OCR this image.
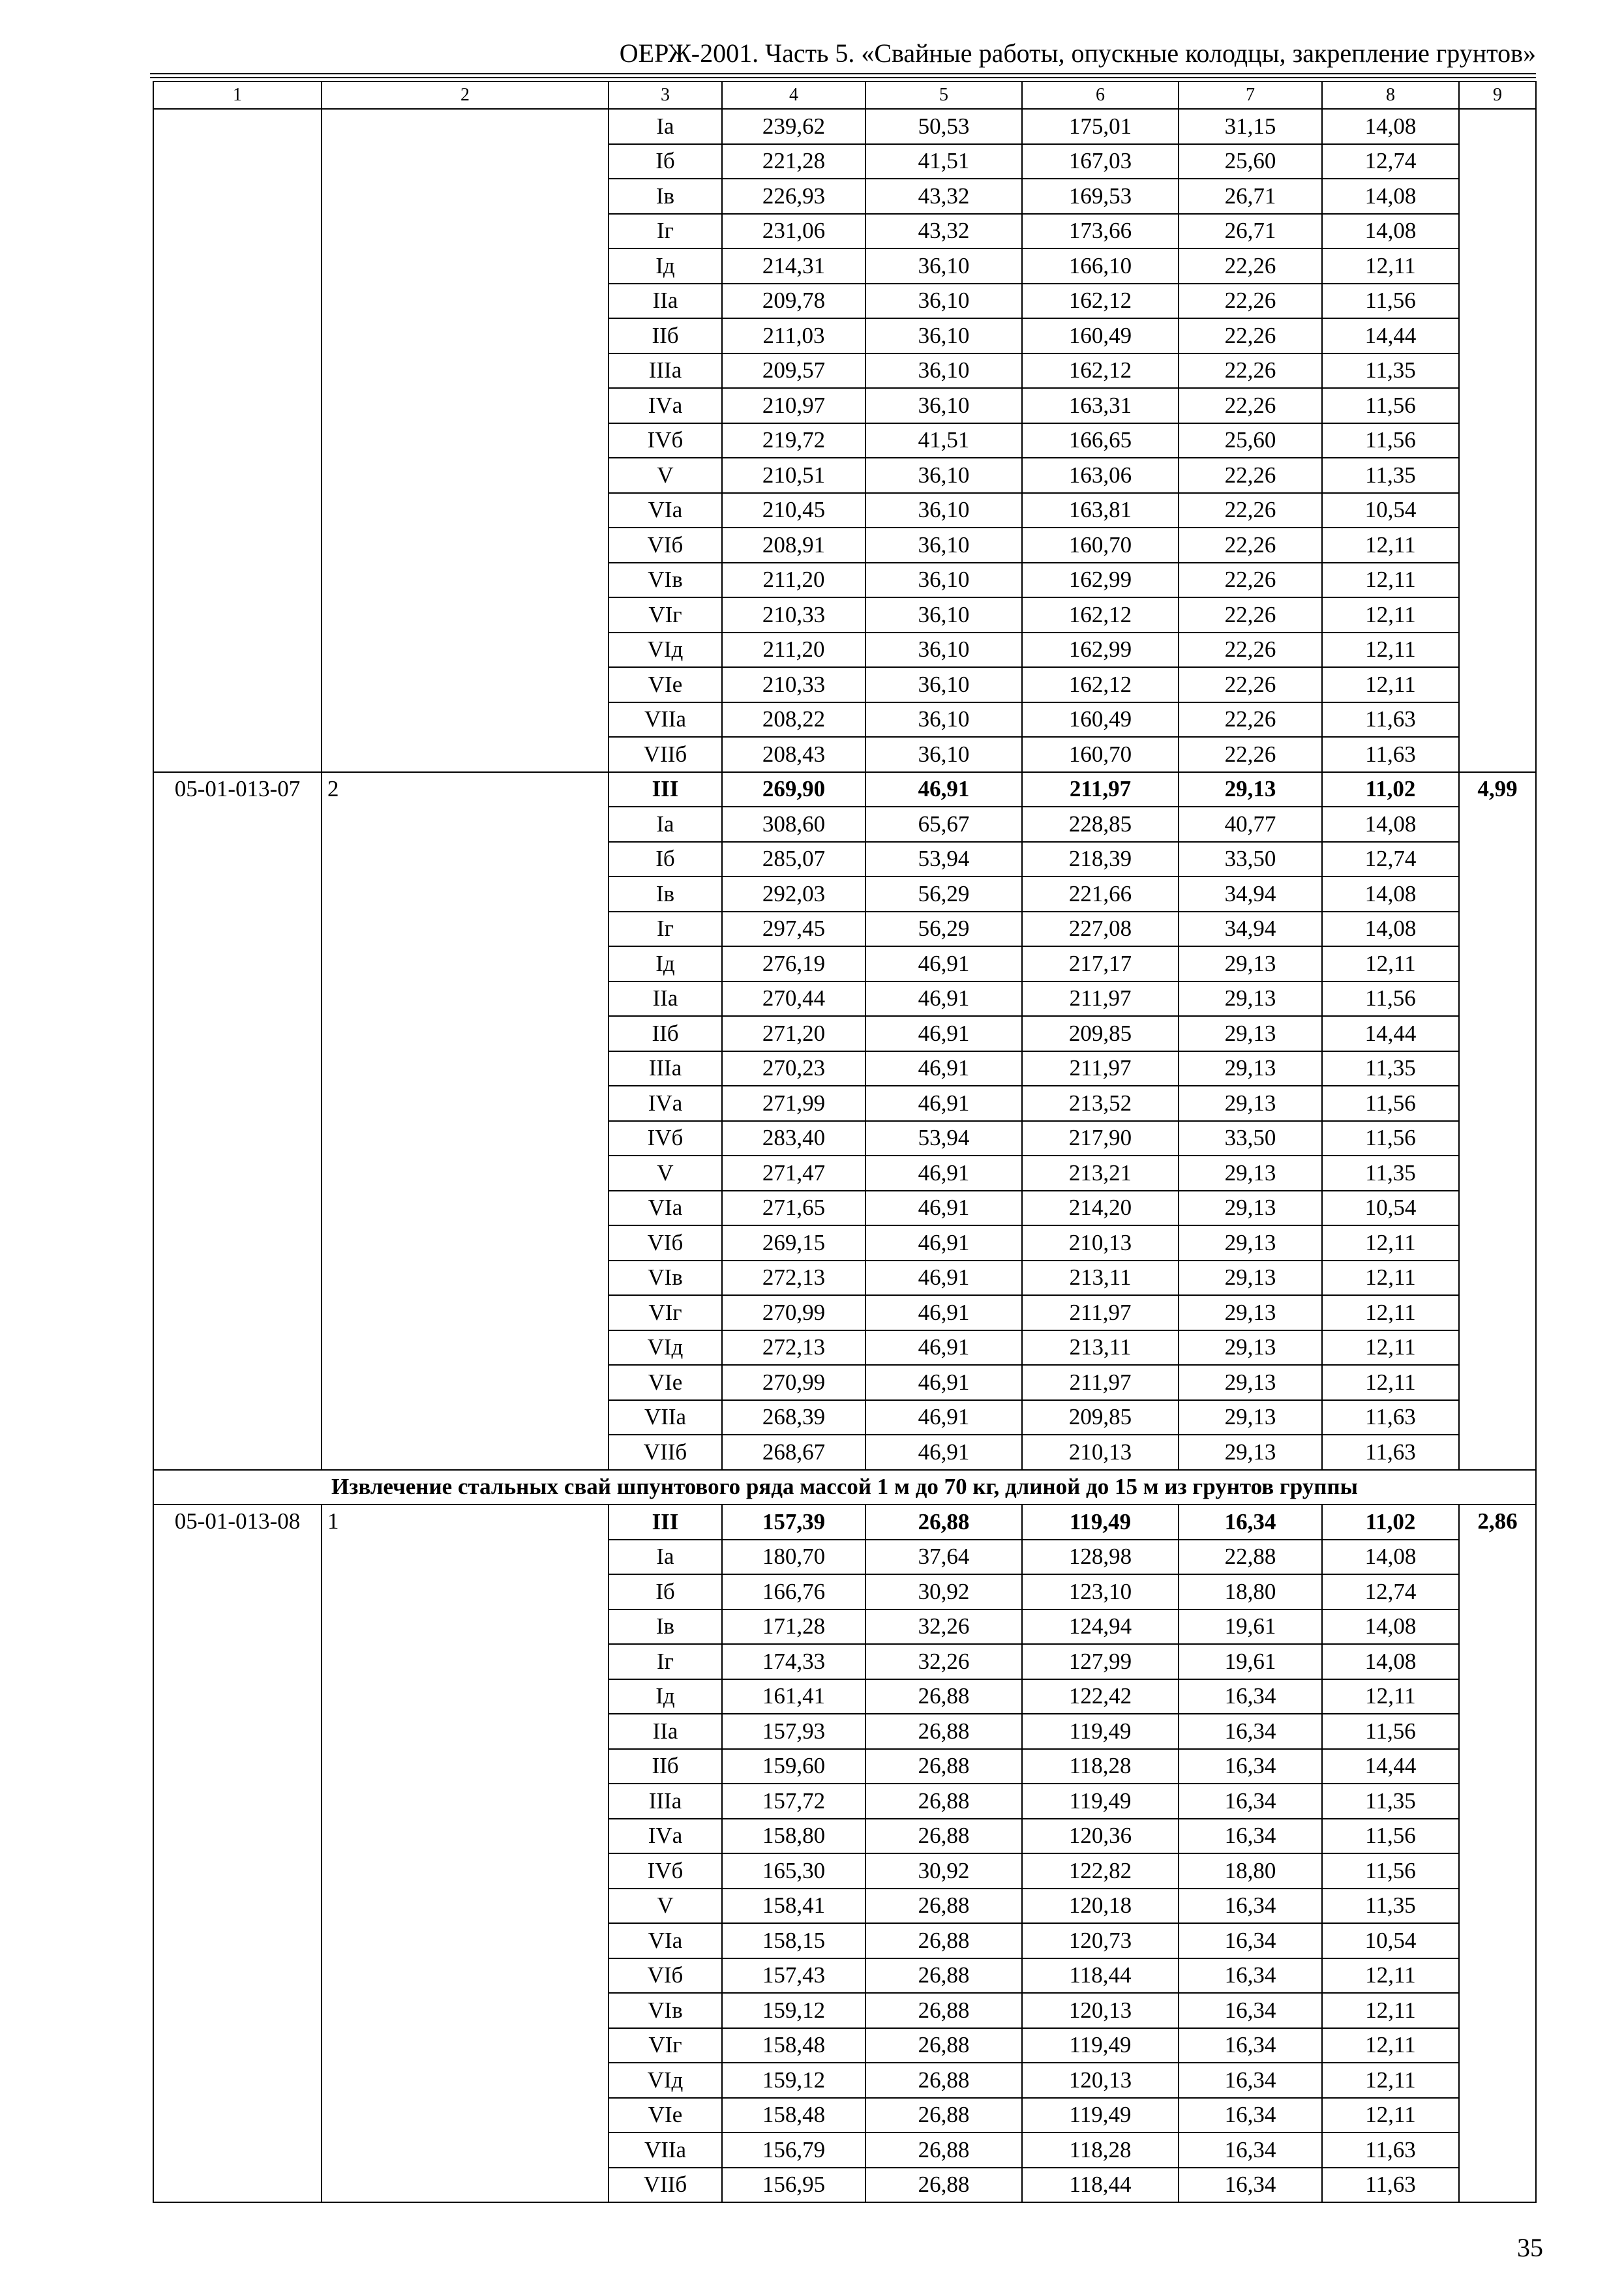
ОЕРЖ-2001. Часть 5. «Свайные работы, опускные колодцы, закрепление грунтов»
1	2	3	4	5	6	7	8	9
		Iа	239,62	50,53	175,01	31,15	14,08	
		Iб	221,28	41,51	167,03	25,60	12,74	
		Iв	226,93	43,32	169,53	26,71	14,08	
		Iг	231,06	43,32	173,66	26,71	14,08	
		Iд	214,31	36,10	166,10	22,26	12,11	
		IIа	209,78	36,10	162,12	22,26	11,56	
		IIб	211,03	36,10	160,49	22,26	14,44	
		IIIа	209,57	36,10	162,12	22,26	11,35	
		IVа	210,97	36,10	163,31	22,26	11,56	
		IVб	219,72	41,51	166,65	25,60	11,56	
		V	210,51	36,10	163,06	22,26	11,35	
		VIа	210,45	36,10	163,81	22,26	10,54	
		VIб	208,91	36,10	160,70	22,26	12,11	
		VIв	211,20	36,10	162,99	22,26	12,11	
		VIг	210,33	36,10	162,12	22,26	12,11	
		VIд	211,20	36,10	162,99	22,26	12,11	
		VIе	210,33	36,10	162,12	22,26	12,11	
		VIIа	208,22	36,10	160,49	22,26	11,63	
		VIIб	208,43	36,10	160,70	22,26	11,63	
05-01-013-07	2	III	269,90	46,91	211,97	29,13	11,02	4,99
		Iа	308,60	65,67	228,85	40,77	14,08	
		Iб	285,07	53,94	218,39	33,50	12,74	
		Iв	292,03	56,29	221,66	34,94	14,08	
		Iг	297,45	56,29	227,08	34,94	14,08	
		Iд	276,19	46,91	217,17	29,13	12,11	
		IIа	270,44	46,91	211,97	29,13	11,56	
		IIб	271,20	46,91	209,85	29,13	14,44	
		IIIа	270,23	46,91	211,97	29,13	11,35	
		IVа	271,99	46,91	213,52	29,13	11,56	
		IVб	283,40	53,94	217,90	33,50	11,56	
		V	271,47	46,91	213,21	29,13	11,35	
		VIа	271,65	46,91	214,20	29,13	10,54	
		VIб	269,15	46,91	210,13	29,13	12,11	
		VIв	272,13	46,91	213,11	29,13	12,11	
		VIг	270,99	46,91	211,97	29,13	12,11	
		VIд	272,13	46,91	213,11	29,13	12,11	
		VIе	270,99	46,91	211,97	29,13	12,11	
		VIIа	268,39	46,91	209,85	29,13	11,63	
		VIIб	268,67	46,91	210,13	29,13	11,63	
Извлечение стальных свай шпунтового ряда массой 1 м до 70 кг, длиной до 15 м из грунтов группы								
05-01-013-08	1	III	157,39	26,88	119,49	16,34	11,02	2,86
		Iа	180,70	37,64	128,98	22,88	14,08	
		Iб	166,76	30,92	123,10	18,80	12,74	
		Iв	171,28	32,26	124,94	19,61	14,08	
		Iг	174,33	32,26	127,99	19,61	14,08	
		Iд	161,41	26,88	122,42	16,34	12,11	
		IIа	157,93	26,88	119,49	16,34	11,56	
		IIб	159,60	26,88	118,28	16,34	14,44	
		IIIа	157,72	26,88	119,49	16,34	11,35	
		IVа	158,80	26,88	120,36	16,34	11,56	
		IVб	165,30	30,92	122,82	18,80	11,56	
		V	158,41	26,88	120,18	16,34	11,35	
		VIа	158,15	26,88	120,73	16,34	10,54	
		VIб	157,43	26,88	118,44	16,34	12,11	
		VIв	159,12	26,88	120,13	16,34	12,11	
		VIг	158,48	26,88	119,49	16,34	12,11	
		VIд	159,12	26,88	120,13	16,34	12,11	
		VIе	158,48	26,88	119,49	16,34	12,11	
		VIIа	156,79	26,88	118,28	16,34	11,63	
		VIIб	156,95	26,88	118,44	16,34	11,63	
35
